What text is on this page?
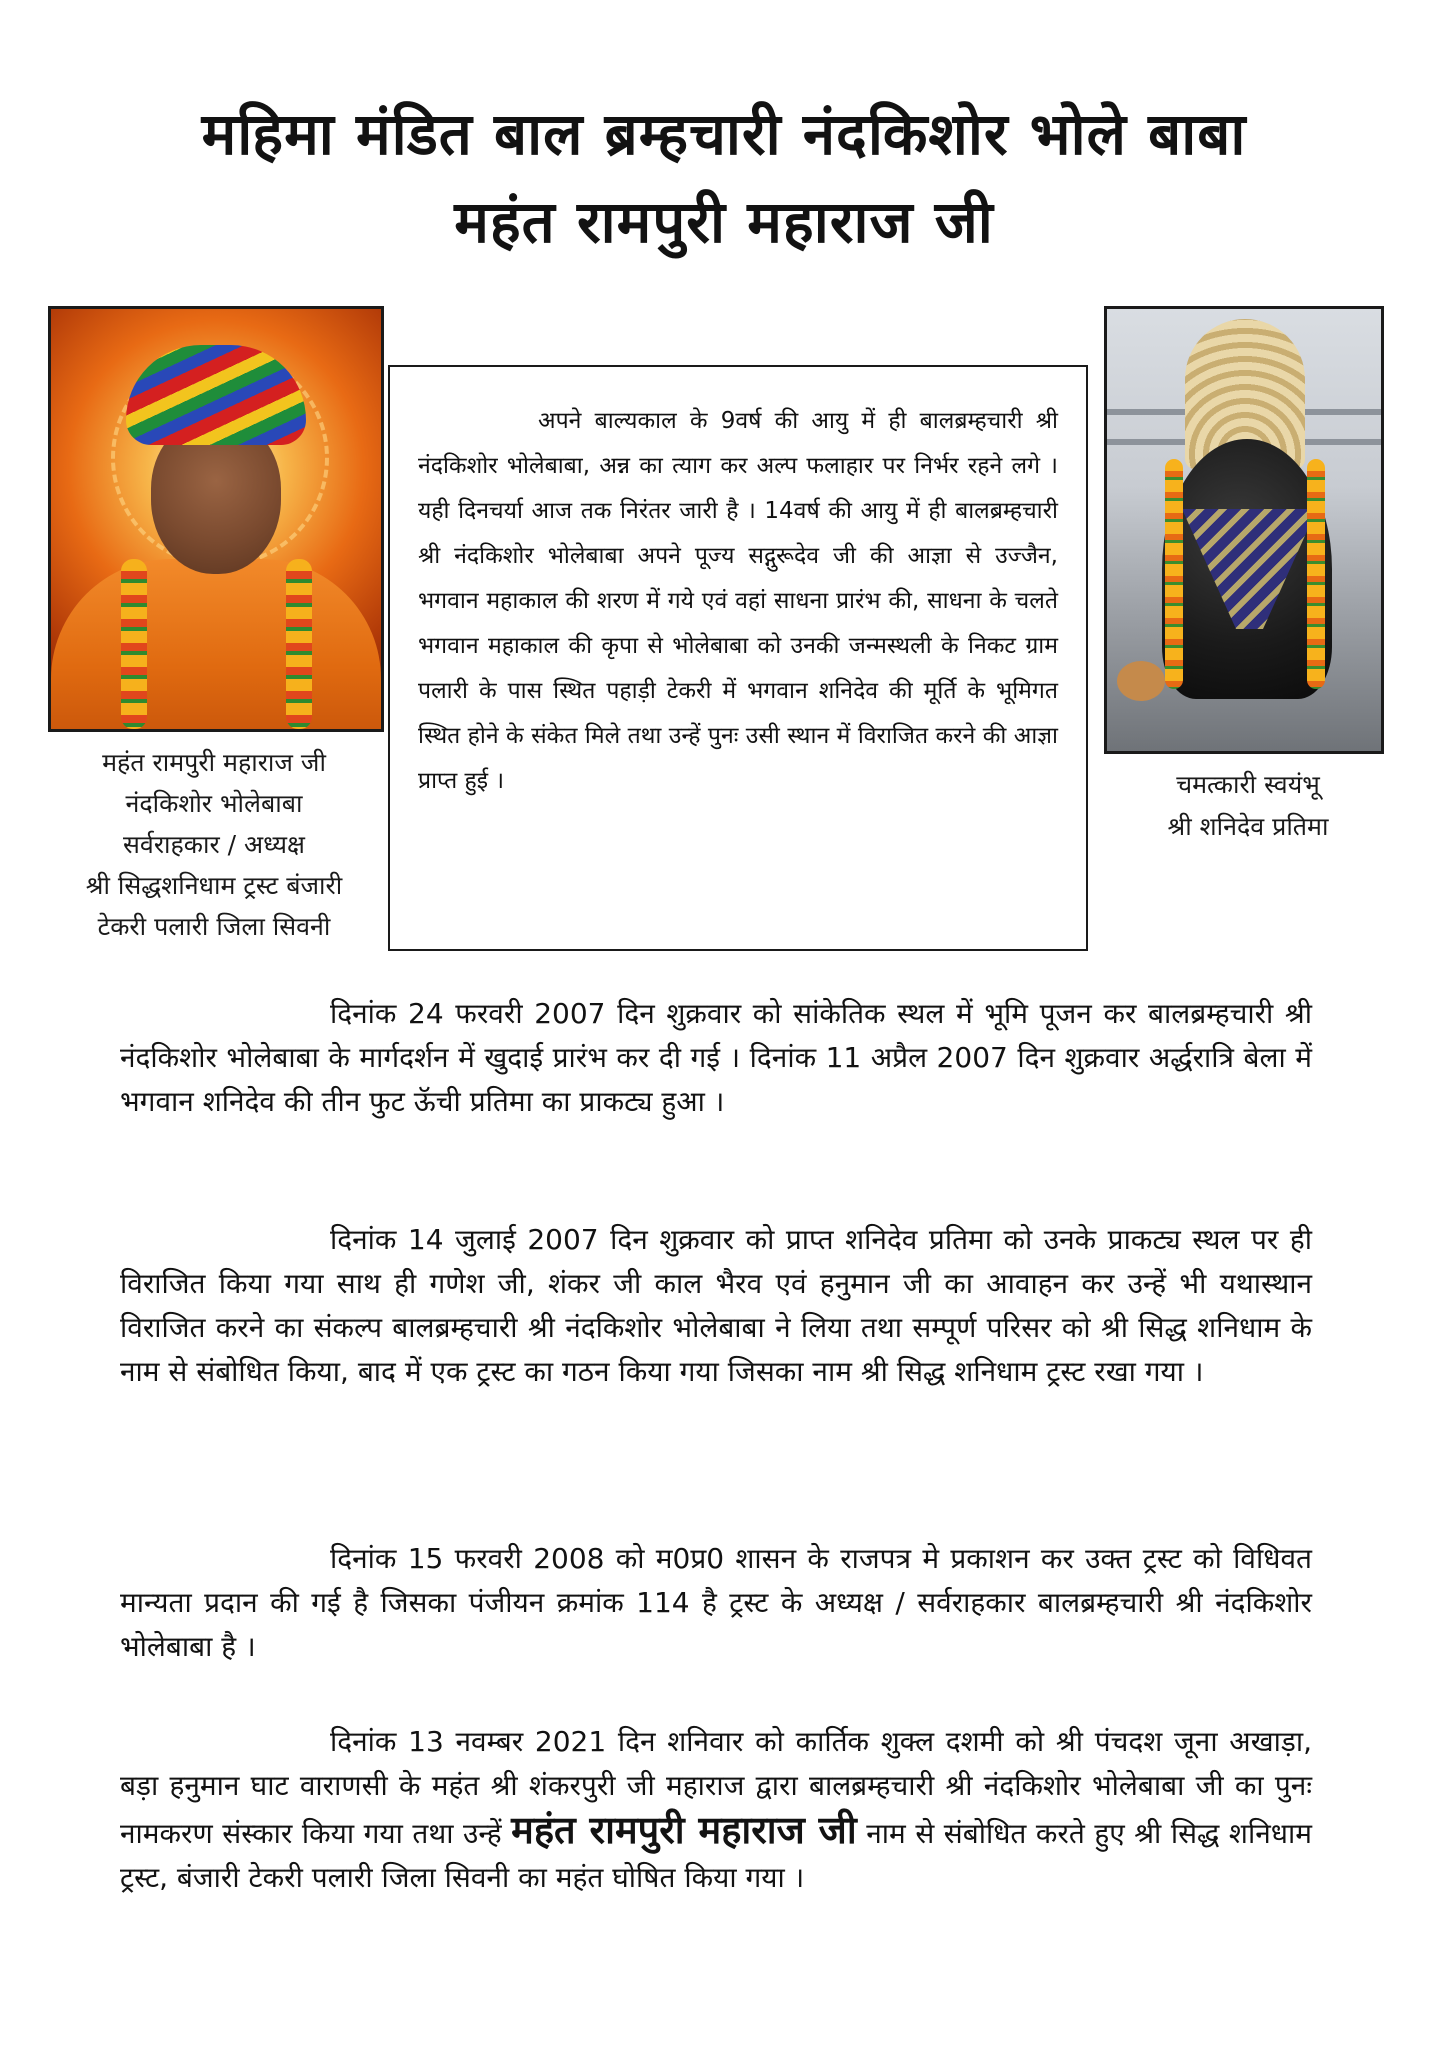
महिमा मंडित बाल ब्रम्हचारी नंदकिशोर भोले बाबा
महंत रामपुरी महाराज जी
महंत रामपुरी महाराज जी
नंदकिशोर भोलेबाबा
सर्वराहकार / अध्यक्ष
श्री सिद्धशनिधाम ट्रस्ट बंजारी
टेकरी पलारी जिला सिवनी
अपने बाल्यकाल के 9वर्ष की आयु में ही बालब्रम्हचारी श्री नंदकिशोर भोलेबाबा, अन्न का त्याग कर अल्प फलाहार पर निर्भर रहने लगे । यही दिनचर्या आज तक निरंतर जारी है । 14वर्ष की आयु में ही बालब्रम्हचारी श्री नंदकिशोर भोलेबाबा अपने पूज्य सद्गुरूदेव जी की आज्ञा से उज्जैन, भगवान महाकाल की शरण में गये एवं वहां साधना प्रारंभ की, साधना के चलते भगवान महाकाल की कृपा से भोलेबाबा को उनकी जन्मस्थली के निकट ग्राम पलारी के पास स्थित पहाड़ी टेकरी में भगवान शनिदेव की मूर्ति के भूमिगत स्थित होने के संकेत मिले तथा उन्हें पुनः उसी स्थान में विराजित करने की आज्ञा प्राप्त हुई ।	चमत्कारी स्वयंभू
श्री शनिदेव प्रतिमा
दिनांक 24 फरवरी 2007 दिन शुक्रवार को सांकेतिक स्थल में भूमि पूजन कर बालब्रम्हचारी श्री नंदकिशोर भोलेबाबा के मार्गदर्शन में खुदाई प्रारंभ कर दी गई । दिनांक 11 अप्रैल 2007 दिन शुक्रवार अर्द्धरात्रि बेला में भगवान शनिदेव की तीन फुट ऊॅची प्रतिमा का प्राकट्य हुआ ।
दिनांक 14 जुलाई 2007 दिन शुक्रवार को प्राप्त शनिदेव प्रतिमा को उनके प्राकट्य स्थल पर ही विराजित किया गया साथ ही गणेश जी, शंकर जी काल भैरव एवं हनुमान जी का आवाहन कर उन्हें भी यथास्थान विराजित करने का संकल्प बालब्रम्हचारी श्री नंदकिशोर भोलेबाबा ने लिया तथा सम्पूर्ण परिसर को श्री सिद्ध शनिधाम के नाम से संबोधित किया, बाद में एक ट्रस्ट का गठन किया गया जिसका नाम श्री सिद्ध शनिधाम ट्रस्ट रखा गया ।
दिनांक 15 फरवरी 2008 को म0प्र0 शासन के राजपत्र मे प्रकाशन कर उक्त ट्रस्ट को विधिवत मान्यता प्रदान की गई है जिसका पंजीयन क्रमांक 114 है ट्रस्ट के अध्यक्ष / सर्वराहकार बालब्रम्हचारी श्री नंदकिशोर भोलेबाबा है ।
दिनांक 13 नवम्बर 2021 दिन शनिवार को कार्तिक शुक्ल दशमी को श्री पंचदश जूना अखाड़ा, बड़ा हनुमान घाट वाराणसी के महंत श्री शंकरपुरी जी महाराज द्वारा बालब्रम्हचारी श्री नंदकिशोर भोलेबाबा जी का पुनः नामकरण संस्कार किया गया तथा उन्हें महंत रामपुरी महाराज जी नाम से संबोधित करते हुए श्री सिद्ध शनिधाम ट्रस्ट, बंजारी टेकरी पलारी जिला सिवनी का महंत घोषित किया गया ।
